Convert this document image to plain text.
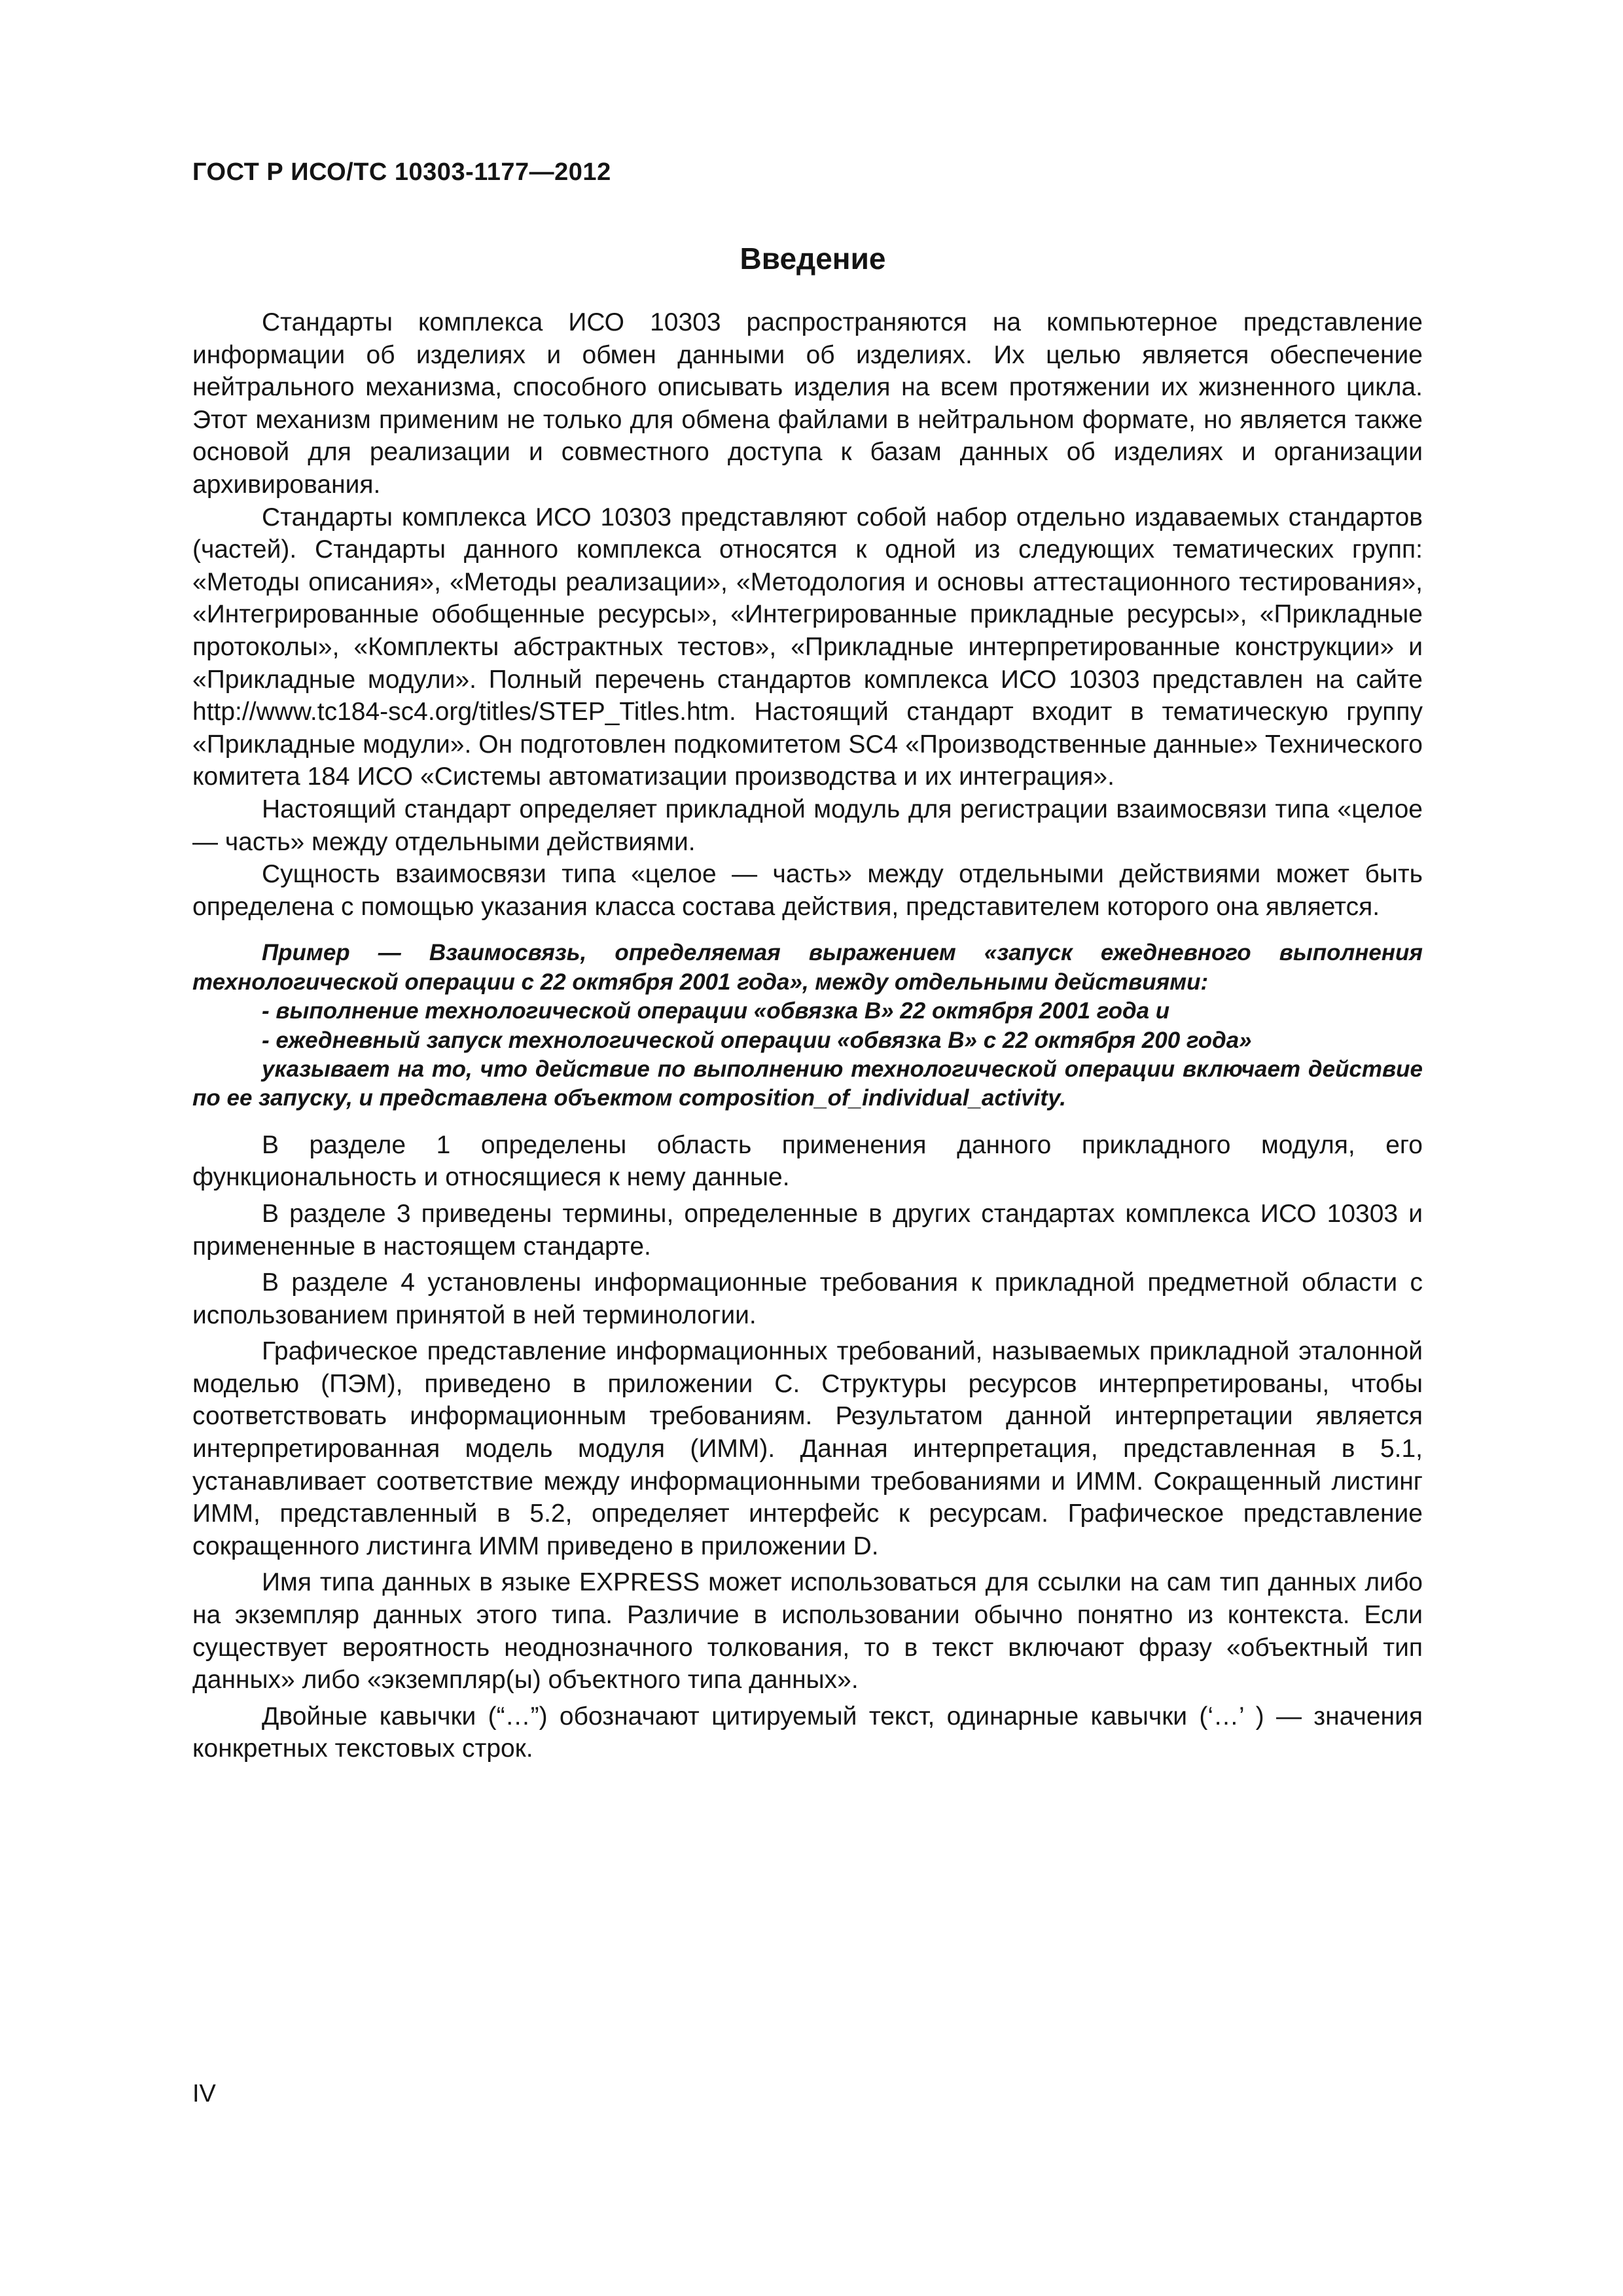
ГОСТ Р ИСО/ТС 10303-1177—2012

Введение

Стандарты комплекса ИСО 10303 распространяются на компьютерное представление информации об изделиях и обмен данными об изделиях. Их целью является обеспечение нейтрального механизма, способного описывать изделия на всем протяжении их жизненного цикла. Этот механизм применим не только для обмена файлами в нейтральном формате, но является также основой для реализации и совместного доступа к базам данных об изделиях и организации архивирования.

Стандарты комплекса ИСО 10303 представляют собой набор отдельно издаваемых стандартов (частей). Стандарты данного комплекса относятся к одной из следующих тематических групп: «Методы описания», «Методы реализации», «Методология и основы аттестационного тестирования», «Интегрированные обобщенные ресурсы», «Интегрированные прикладные ресурсы», «Прикладные протоколы», «Комплекты абстрактных тестов», «Прикладные интерпретированные конструкции» и «Прикладные модули». Полный перечень стандартов комплекса ИСО 10303 представлен на сайте http://www.tc184-sc4.org/titles/STEP_Titles.htm. Настоящий стандарт входит в тематическую группу «Прикладные модули». Он подготовлен подкомитетом SC4 «Производственные данные» Технического комитета 184 ИСО «Системы автоматизации производства и их интеграция».

Настоящий стандарт определяет прикладной модуль для регистрации взаимосвязи типа «целое — часть» между отдельными действиями.

Сущность взаимосвязи типа «целое — часть» между отдельными действиями может быть определена с помощью указания класса состава действия, представителем которого она является.

Пример — Взаимосвязь, определяемая выражением «запуск ежедневного выполнения технологической операции с 22 октября 2001 года», между отдельными действиями:

- выполнение технологической операции «обвязка В» 22 октября 2001 года и

- ежедневный запуск технологической операции «обвязка В» с 22 октября 200 года»

указывает на то, что действие по выполнению технологической операции включает действие по ее запуску, и представлена объектом composition_of_individual_activity.

В разделе 1 определены область применения данного прикладного модуля, его функциональность и относящиеся к нему данные.

В разделе 3 приведены термины, определенные в других стандартах комплекса ИСО 10303 и примененные в настоящем стандарте.

В разделе 4 установлены информационные требования к прикладной предметной области с использованием принятой в ней терминологии.

Графическое представление информационных требований, называемых прикладной эталонной моделью (ПЭМ), приведено в приложении С. Структуры ресурсов интерпретированы, чтобы соответствовать информационным требованиям. Результатом данной интерпретации является интерпретированная модель модуля (ИММ). Данная интерпретация, представленная в 5.1, устанавливает соответствие между информационными требованиями и ИММ. Сокращенный листинг ИММ, представленный в 5.2, определяет интерфейс к ресурсам. Графическое представление сокращенного листинга ИММ приведено в приложении D.

Имя типа данных в языке EXPRESS может использоваться для ссылки на сам тип данных либо на экземпляр данных этого типа. Различие в использовании обычно понятно из контекста. Если существует вероятность неоднозначного толкования, то в текст включают фразу «объектный тип данных» либо «экземпляр(ы) объектного типа данных».

Двойные кавычки (“…”) обозначают цитируемый текст, одинарные кавычки (‘…’ ) — значения конкретных текстовых строк.

IV
